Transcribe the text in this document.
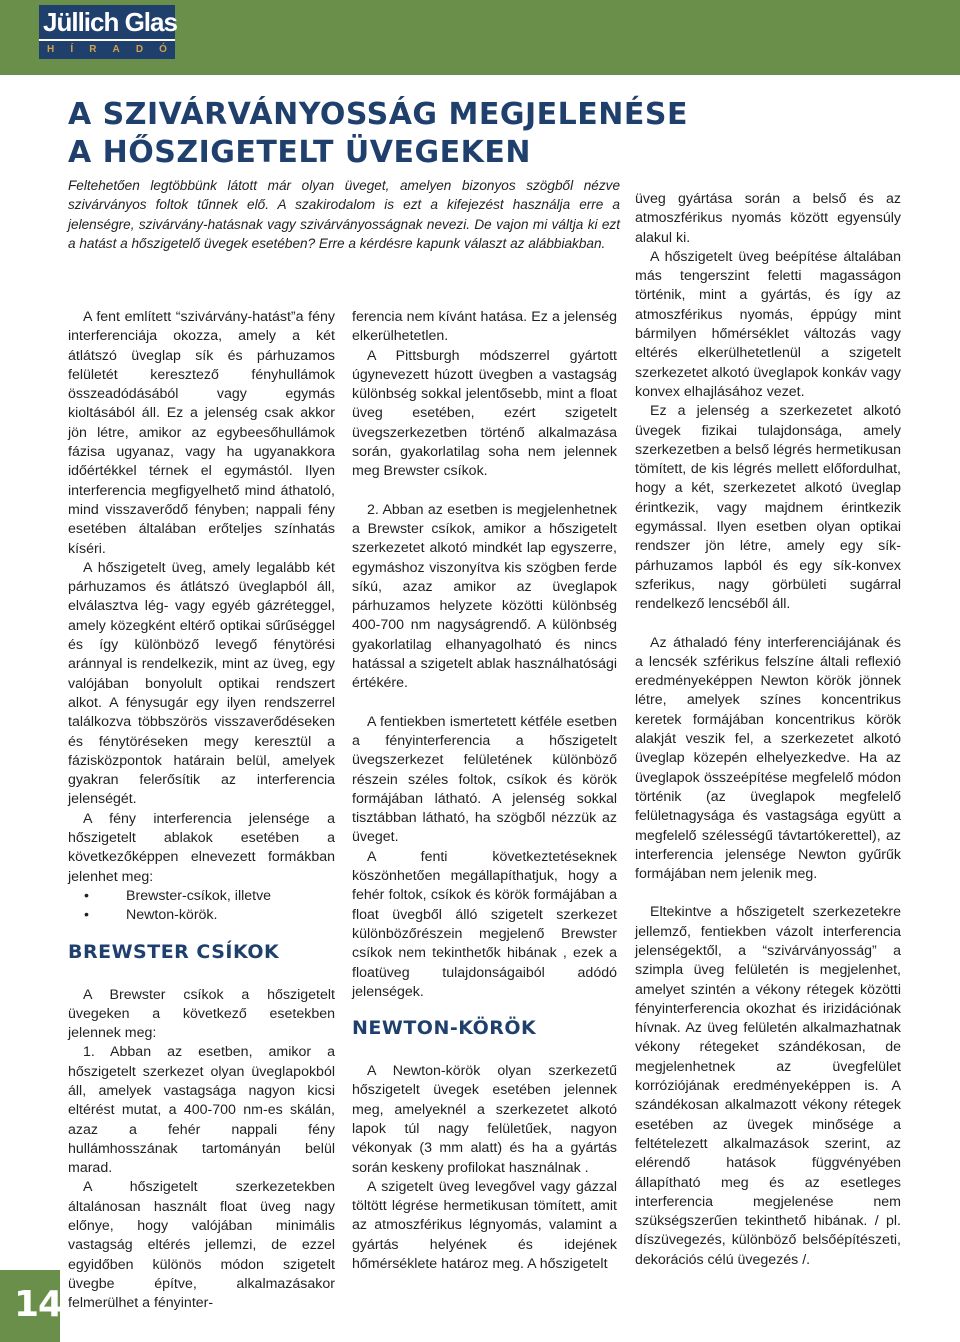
Jüllich Glas
H Í R A D Ó
A SZIVÁRVÁNYOSSÁG MEGJELENÉSE
A HŐSZIGETELT ÜVEGEKEN
Feltehetően legtöbbünk látott már olyan üveget, amelyen bizonyos szögből nézve szivárványos foltok tűnnek elő. A szakirodalom is ezt a kifejezést használja erre a jelenségre, szivárvány-hatásnak vagy szivárványosságnak nevezi. De vajon mi váltja ki ezt a hatást a hőszigetelő üvegek esetében? Erre a kérdésre kapunk választ az alábbiakban.

A fent említett “szivárvány-hatást”a fény interferenciája okozza, amely a két átlátszó üveglap sík és párhuzamos felületét keresztező fényhullámok összeadódásából vagy egymás kioltásából áll. Ez a jelenség csak akkor jön létre, amikor az egybeesőhullámok fázisa ugyanaz, vagy ha ugyanakkora időértékkel térnek el egymástól. Ilyen interferencia megfigyelhető mind áthatoló, mind visszaverődő fényben; nappali fény esetében általában erőteljes színhatás kíséri.

A hőszigetelt üveg, amely legalább két párhuzamos és átlátszó üveglapból áll, elválasztva lég- vagy egyéb gázréteggel, amely közegként eltérő optikai sűrűséggel és így különböző levegő fénytörési aránnyal is rendelkezik, mint az üveg, egy valójában bonyolult optikai rendszert alkot. A fénysugár egy ilyen rendszerrel találkozva többszörös visszaverődéseken és fénytöréseken megy keresztül a fázisközpontok határain belül, amelyek gyakran felerősítik az interferencia jelenségét.

A fény interferencia jelensége a hőszigetelt ablakok esetében a következőképpen elnevezett formákban jelenhet meg:

•	Brewster-csíkok, illetve
•	Newton-körök.
BREWSTER CSÍKOK

A Brewster csíkok a hőszigetelt üvegeken a következő esetekben jelennek meg:

1. Abban az esetben, amikor a hőszigetelt szerkezet olyan üveglapokból áll, amelyek vastagsága nagyon kicsi eltérést mutat, a 400-700 nm-es skálán, azaz a fehér nappali fény hullámhosszának tartományán belül marad.

A hőszigetelt szerkezetekben általánosan használt float üveg nagy előnye, hogy valójában minimális vastagság eltérés jellemzi, de ezzel egyidőben különös módon szigetelt üvegbe építve, alkalmazásakor felmerülhet a fényinter-

ferencia nem kívánt hatása. Ez a jelenség elkerülhetetlen.

A Pittsburgh módszerrel gyártott úgynevezett húzott üvegben a vastagság különbség sokkal jelentősebb, mint a float üveg esetében, ezért szigetelt üvegszerkezetben történő alkalmazása során, gyakorlatilag soha nem jelennek meg Brewster csíkok.

2. Abban az esetben is megjelenhetnek a Brewster csíkok, amikor a hőszigetelt szerkezetet alkotó mindkét lap egyszerre, egymáshoz viszonyítva kis szögben ferde síkú, azaz amikor az üveglapok párhuzamos helyzete közötti különbség 400-700 nm nagyságrendő. A különbség gyakorlatilag elhanyagolható és nincs hatással a szigetelt ablak használhatósági értékére.

A fentiekben ismertetett kétféle esetben a fényinterferencia a hőszigetelt üvegszerkezet felületének különböző részein széles foltok, csíkok és körök formájában látható. A jelenség sokkal tisztábban látható, ha szögből nézzük az üveget.

A fenti következtetéseknek köszönhetően megállapíthatjuk, hogy a fehér foltok, csíkok és körök formájában a float üvegből álló szigetelt szerkezet különbözőrészein megjelenő Brewster csíkok nem tekinthetők hibának , ezek a floatüveg tulajdonságaiból adódó jelenségek.

NEWTON-KÖRÖK

A Newton-körök olyan szerkezetű hőszigetelt üvegek esetében jelennek meg, amelyeknél a szerkezetet alkotó lapok túl nagy felületűek, nagyon vékonyak (3 mm alatt) és ha a gyártás során keskeny profilokat használnak .

A szigetelt üveg levegővel vagy gázzal töltött légrése hermetikusan tömített, amit az atmoszférikus légnyomás, valamint a gyártás helyének és idejének hőmérséklete határoz meg. A hőszigetelt

üveg gyártása során a belső és az atmoszférikus nyomás között egyensúly alakul ki.

A hőszigetelt üveg beépítése általában más tengerszint feletti magasságon történik, mint a gyártás, és így az atmoszférikus nyomás, éppúgy mint bármilyen hőmérséklet változás vagy eltérés elkerülhetetlenül a szigetelt szerkezetet alkotó üveglapok konkáv vagy konvex elhajlásához vezet.

Ez a jelenség a szerkezetet alkotó üvegek fizikai tulajdonsága, amely szerkezetben a belső légrés hermetikusan tömített, de kis légrés mellett előfordulhat, hogy a két, szerkezetet alkotó üveglap érintkezik, vagy majdnem érintkezik egymással. Ilyen esetben olyan optikai rendszer jön létre, amely egy sík-párhuzamos lapból és egy sík-konvex szferikus, nagy görbületi sugárral rendelkező lencséből áll.

Az áthaladó fény interferenciájának és a lencsék szférikus felszíne általi reflexió eredményeképpen Newton körök jönnek létre, amelyek színes koncentrikus keretek formájában koncentrikus körök alakját veszik fel, a szerkezetet alkotó üveglap közepén elhelyezkedve. Ha az üveglapok összeépítése megfelelő módon történik (az üveglapok megfelelő felületnagysága és vastagsága együtt a megfelelő szélességű távtartókerettel), az interferencia jelensége Newton gyűrűk formájában nem jelenik meg.

Eltekintve a hőszigetelt szerkezetekre jellemző, fentiekben vázolt interferencia jelenségektől, a “szivárványosság” a szimpla üveg felületén is megjelenhet, amelyet szintén a vékony rétegek közötti fényinterferencia okozhat és irizidációnak hívnak. Az üveg felületén alkalmazhatnak vékony rétegeket szándékosan, de megjelenhetnek az üvegfelület korróziójának eredményeképpen is. A szándékosan alkalmazott vékony rétegek esetében az üvegek minősége a feltételezett alkalmazások szerint, az elérendő hatások függvényében állapítható meg és az esetleges interferencia megjelenése nem szükségszerűen tekinthető hibának. / pl. díszüvegezés, különböző belsőépítészeti, dekorációs célú üvegezés /.

14
